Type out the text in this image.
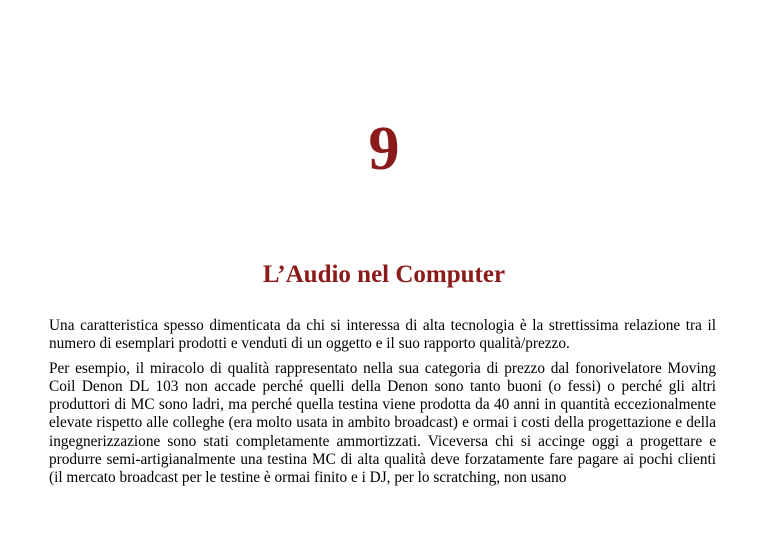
9
L’Audio nel Computer

Una caratteristica spesso dimenticata da chi si interessa di alta tecnologia è la strettissima relazione tra il numero di esemplari prodotti e venduti di un oggetto e il suo rapporto qualità/prezzo.

Per esempio, il miracolo di qualità rappresentato nella sua categoria di prezzo dal fonorivelatore Moving Coil Denon DL 103 non accade perché quelli della Denon sono tanto buoni (o fessi) o perché gli altri produttori di MC sono ladri, ma perché quella testina viene prodotta da 40 anni in quantità eccezionalmente elevate rispetto alle colleghe (era molto usata in ambito broadcast) e ormai i costi della progettazione e della ingegnerizzazione sono stati completamente ammortizzati. Viceversa chi si accinge oggi a progettare e produrre semi-artigianalmente una testina MC di alta qualità deve forzatamente fare pagare ai pochi clienti (il mercato broadcast per le testine è ormai finito e i DJ, per lo scratching, non usano
